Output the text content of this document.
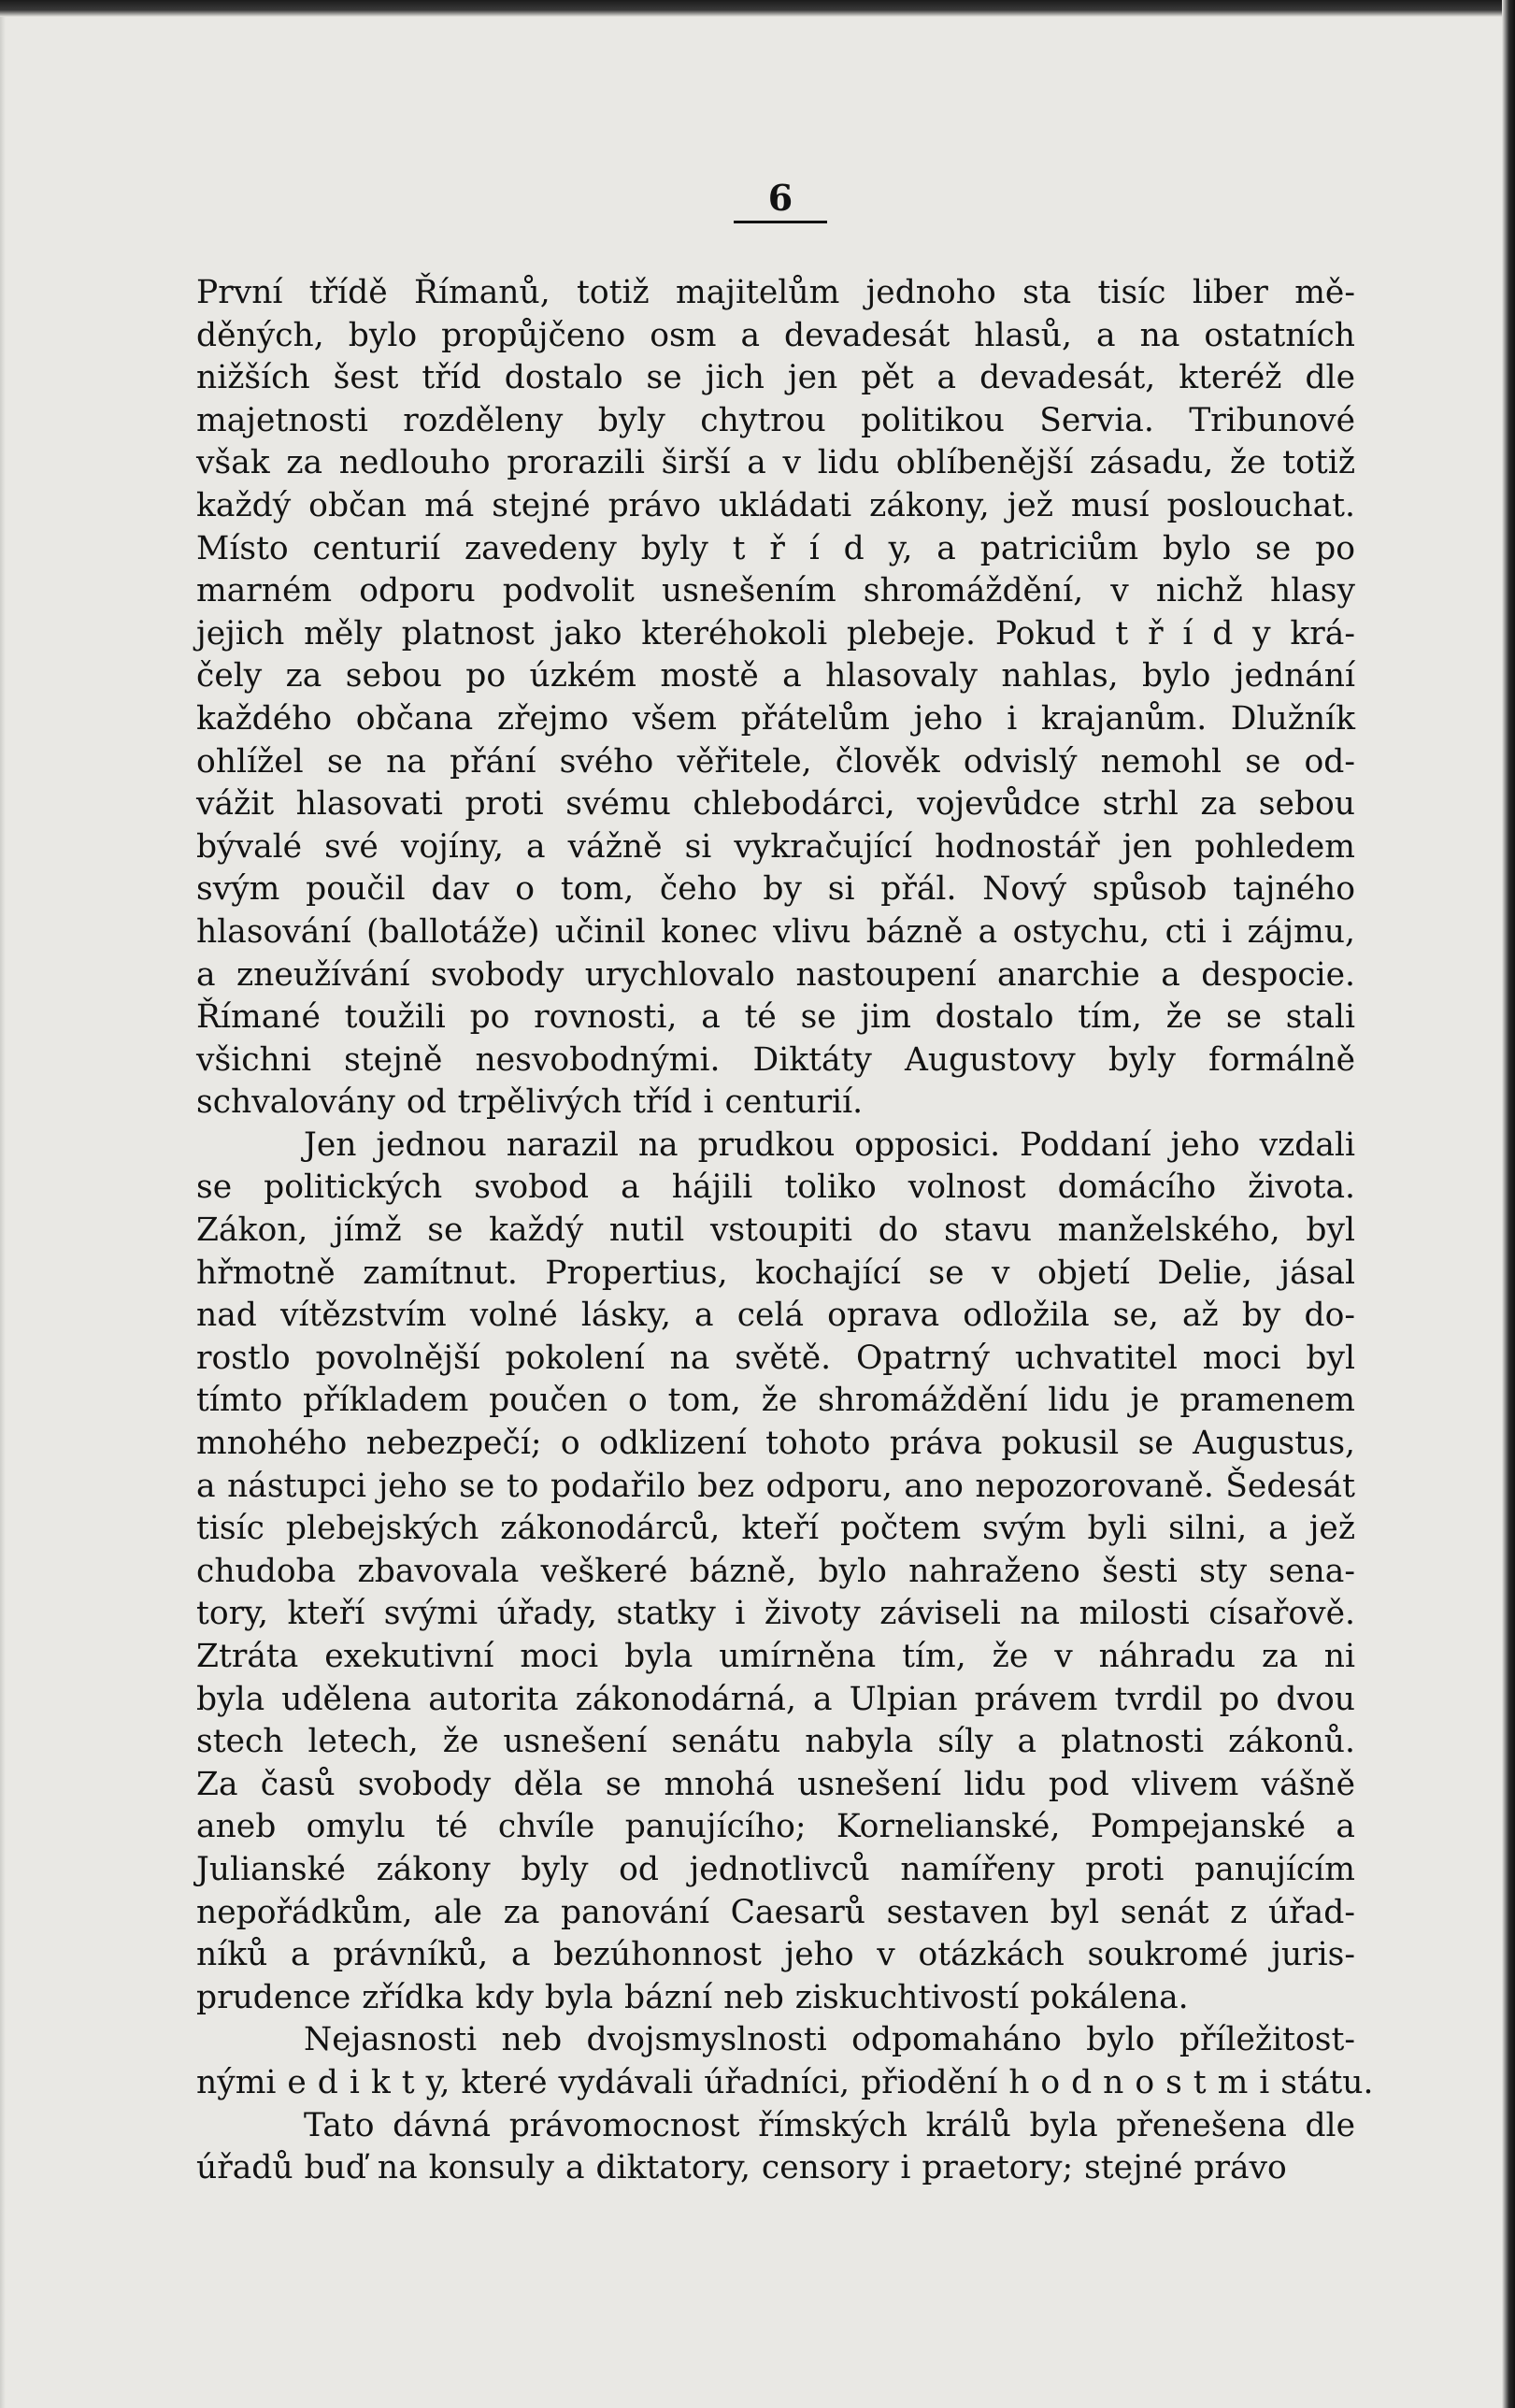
6

První třídě Římanů, totiž majitelům jednoho sta tisíc liber mě-
děných, bylo propůjčeno osm a devadesát hlasů, a na ostatních
nižších šest tříd dostalo se jich jen pět a devadesát, kteréž dle
majetnosti rozděleny byly chytrou politikou Servia. Tribunové
však za nedlouho prorazili širší a v lidu oblíbenější zásadu, že totiž
každý občan má stejné právo ukládati zákony, jež musí poslouchat.
Místo centurií zavedeny byly t ř í d y, a patriciům bylo se po
marném odporu podvolit usnešením shromáždění, v nichž hlasy
jejich měly platnost jako kteréhokoli plebeje. Pokud t ř í d y krá-
čely za sebou po úzkém mostě a hlasovaly nahlas, bylo jednání
každého občana zřejmo všem přátelům jeho i krajanům. Dlužník
ohlížel se na přání svého věřitele, člověk odvislý nemohl se od-
vážit hlasovati proti svému chlebodárci, vojevůdce strhl za sebou
bývalé své vojíny, a vážně si vykračující hodnostář jen pohledem
svým poučil dav o tom, čeho by si přál. Nový spůsob tajného
hlasování (ballotáže) učinil konec vlivu bázně a ostychu, cti i zájmu,
a zneužívání svobody urychlovalo nastoupení anarchie a despocie.
Římané toužili po rovnosti, a té se jim dostalo tím, že se stali
všichni stejně nesvobodnými. Diktáty Augustovy byly formálně
schvalovány od trpělivých tříd i centurií.

Jen jednou narazil na prudkou opposici. Poddaní jeho vzdali
se politických svobod a hájili toliko volnost domácího života.
Zákon, jímž se každý nutil vstoupiti do stavu manželského, byl
hřmotně zamítnut. Propertius, kochající se v objetí Delie, jásal
nad vítězstvím volné lásky, a celá oprava odložila se, až by do-
rostlo povolnější pokolení na světě. Opatrný uchvatitel moci byl
tímto příkladem poučen o tom, že shromáždění lidu je pramenem
mnohého nebezpečí; o odklizení tohoto práva pokusil se Augustus,
a nástupci jeho se to podařilo bez odporu, ano nepozorovaně. Šedesát
tisíc plebejských zákonodárců, kteří počtem svým byli silni, a jež
chudoba zbavovala veškeré bázně, bylo nahraženo šesti sty sena-
tory, kteří svými úřady, statky i životy záviseli na milosti císařově.
Ztráta exekutivní moci byla umírněna tím, že v náhradu za ni
byla udělena autorita zákonodárná, a Ulpian právem tvrdil po dvou
stech letech, že usnešení senátu nabyla síly a platnosti zákonů.
Za časů svobody děla se mnohá usnešení lidu pod vlivem vášně
aneb omylu té chvíle panujícího; Kornelianské, Pompejanské a
Julianské zákony byly od jednotlivců namířeny proti panujícím
nepořádkům, ale za panování Caesarů sestaven byl senát z úřad-
níků a právníků, a bezúhonnost jeho v otázkách soukromé juris-
prudence zřídka kdy byla bázní neb ziskuchtivostí pokálena.

Nejasnosti neb dvojsmyslnosti odpomaháno bylo příležitost-
nými e d i k t y, které vydávali úřadníci, přiodění h o d n o s t m i státu.

Tato dávná právomocnost římských králů byla přenešena dle
úřadů buď na konsuly a diktatory, censory i praetory; stejné právo
